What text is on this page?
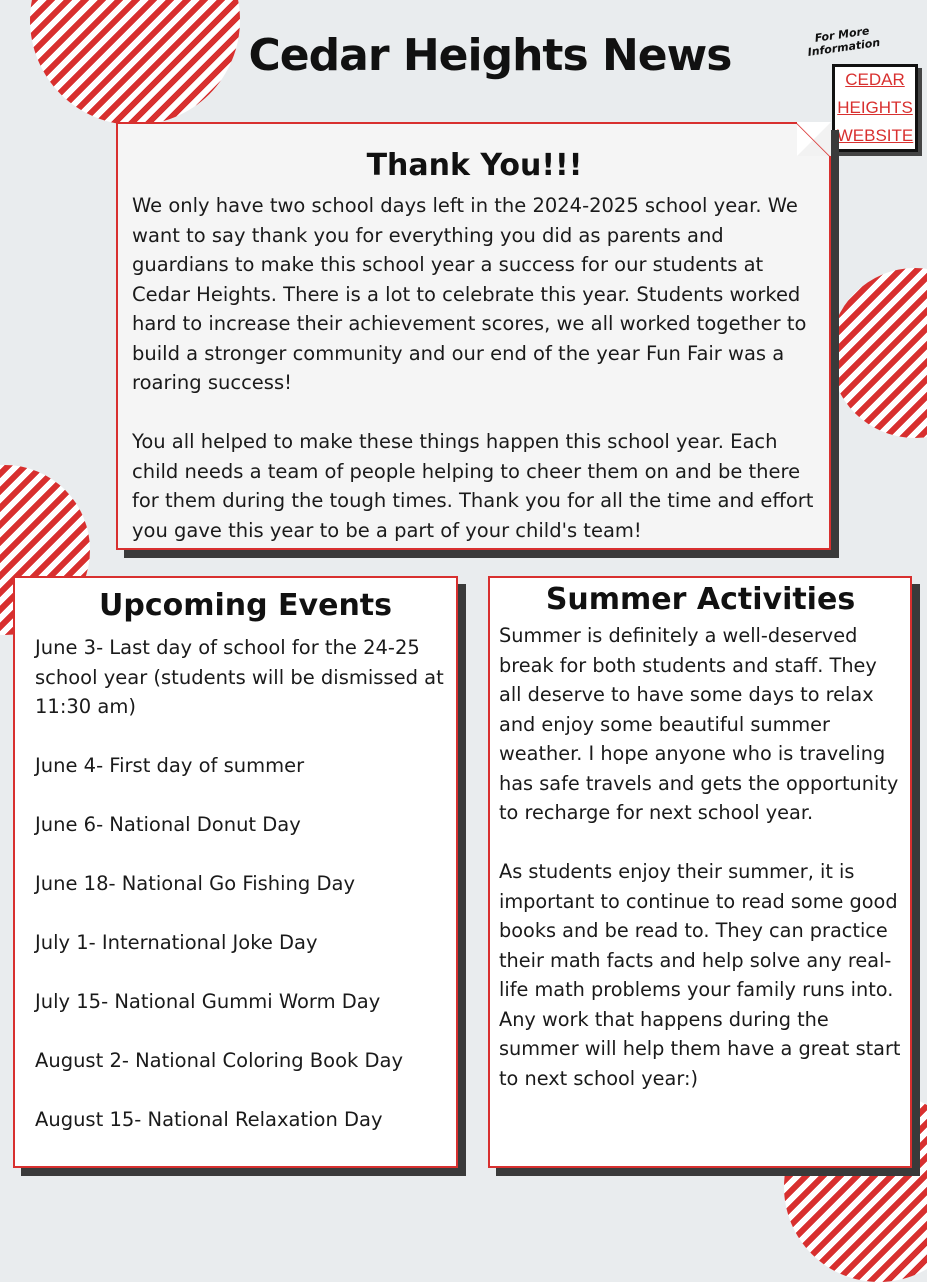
Cedar Heights News	For More Information
CEDAR HEIGHTS WEBSITE
Thank You!!!

We only have two school days left in the 2024-2025 school year. We want to say thank you for everything you did as parents and guardians to make this school year a success for our students at Cedar Heights. There is a lot to celebrate this year. Students worked hard to increase their achievement scores, we all worked together to build a stronger community and our end of the year Fun Fair was a roaring success!

You all helped to make these things happen this school year. Each child needs a team of people helping to cheer them on and be there for them during the tough times. Thank you for all the time and effort you gave this year to be a part of your child's team!

Upcoming Events
June 3- Last day of school for the 24-25 school year (students will be dismissed at 11:30 am)
June 4- First day of summer
June 6- National Donut Day
June 18- National Go Fishing Day
July 1- International Joke Day
July 15- National Gummi Worm Day
August 2- National Coloring Book Day
August 15- National Relaxation Day
Summer Activities

Summer is definitely a well-deserved break for both students and staff. They all deserve to have some days to relax and enjoy some beautiful summer weather. I hope anyone who is traveling has safe travels and gets the opportunity to recharge for next school year.

As students enjoy their summer, it is important to continue to read some good books and be read to. They can practice their math facts and help solve any real-life math problems your family runs into. Any work that happens during the summer will help them have a great start to next school year:)
